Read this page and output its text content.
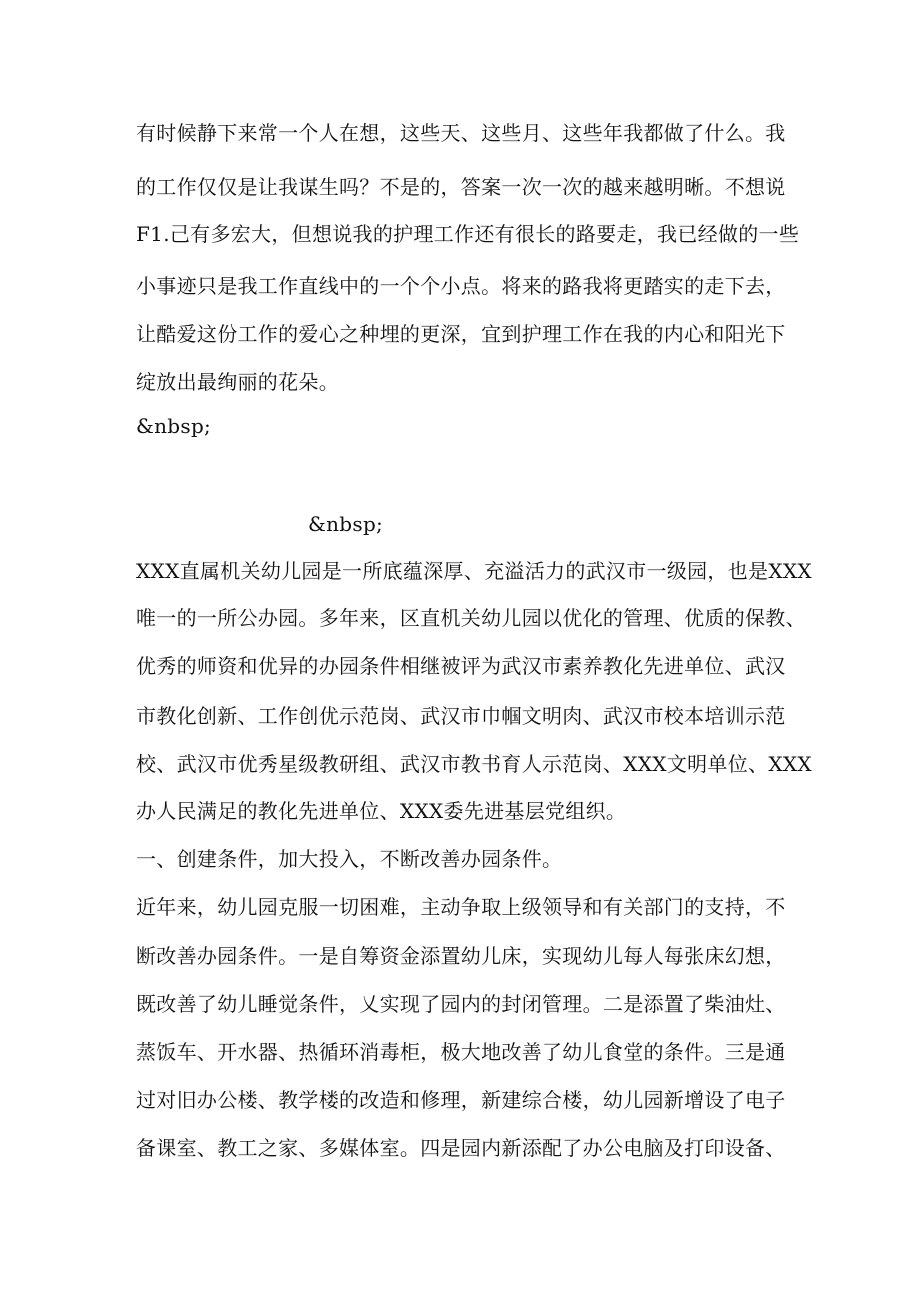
有时候静下来常一个人在想，这些天、这些月、这些年我都做了什么。我
的工作仅仅是让我谋生吗？不是的，答案一次一次的越来越明晰。不想说
F1.己有多宏大，但想说我的护理工作还有很长的路要走，我已经做的一些
小事迹只是我工作直线中的一个个小点。将来的路我将更踏实的走下去，
让酷爱这份工作的爱心之种埋的更深，宜到护理工作在我的内心和阳光下
绽放出最绚丽的花朵。
&nbsp;
&nbsp;
XXX直属机关幼儿园是一所底蕴深厚、充溢活力的武汉市一级园，也是XXX
唯一的一所公办园。多年来，区直机关幼儿园以优化的管理、优质的保教、
优秀的师资和优异的办园条件相继被评为武汉市素养教化先进单位、武汉
市教化创新、工作创优示范岗、武汉市巾帼文明肉、武汉市校本培训示范
校、武汉市优秀星级教研组、武汉市教书育人示范岗、XXX文明单位、XXX
办人民满足的教化先进单位、XXX委先进基层党组织。
一、创建条件，加大投入，不断改善办园条件。
近年来，幼儿园克服一切困难，主动争取上级领导和有关部门的支持，不
断改善办园条件。一是自筹资金添置幼儿床，实现幼儿每人每张床幻想，
既改善了幼儿睡觉条件，乂实现了园内的封闭管理。二是添置了柴油灶、
蒸饭车、开水器、热循环消毒柜，极大地改善了幼儿食堂的条件。三是通
过对旧办公楼、教学楼的改造和修理，新建综合楼，幼儿园新增设了电子
备课室、教工之家、多媒体室。四是园内新添配了办公电脑及打印设备、
